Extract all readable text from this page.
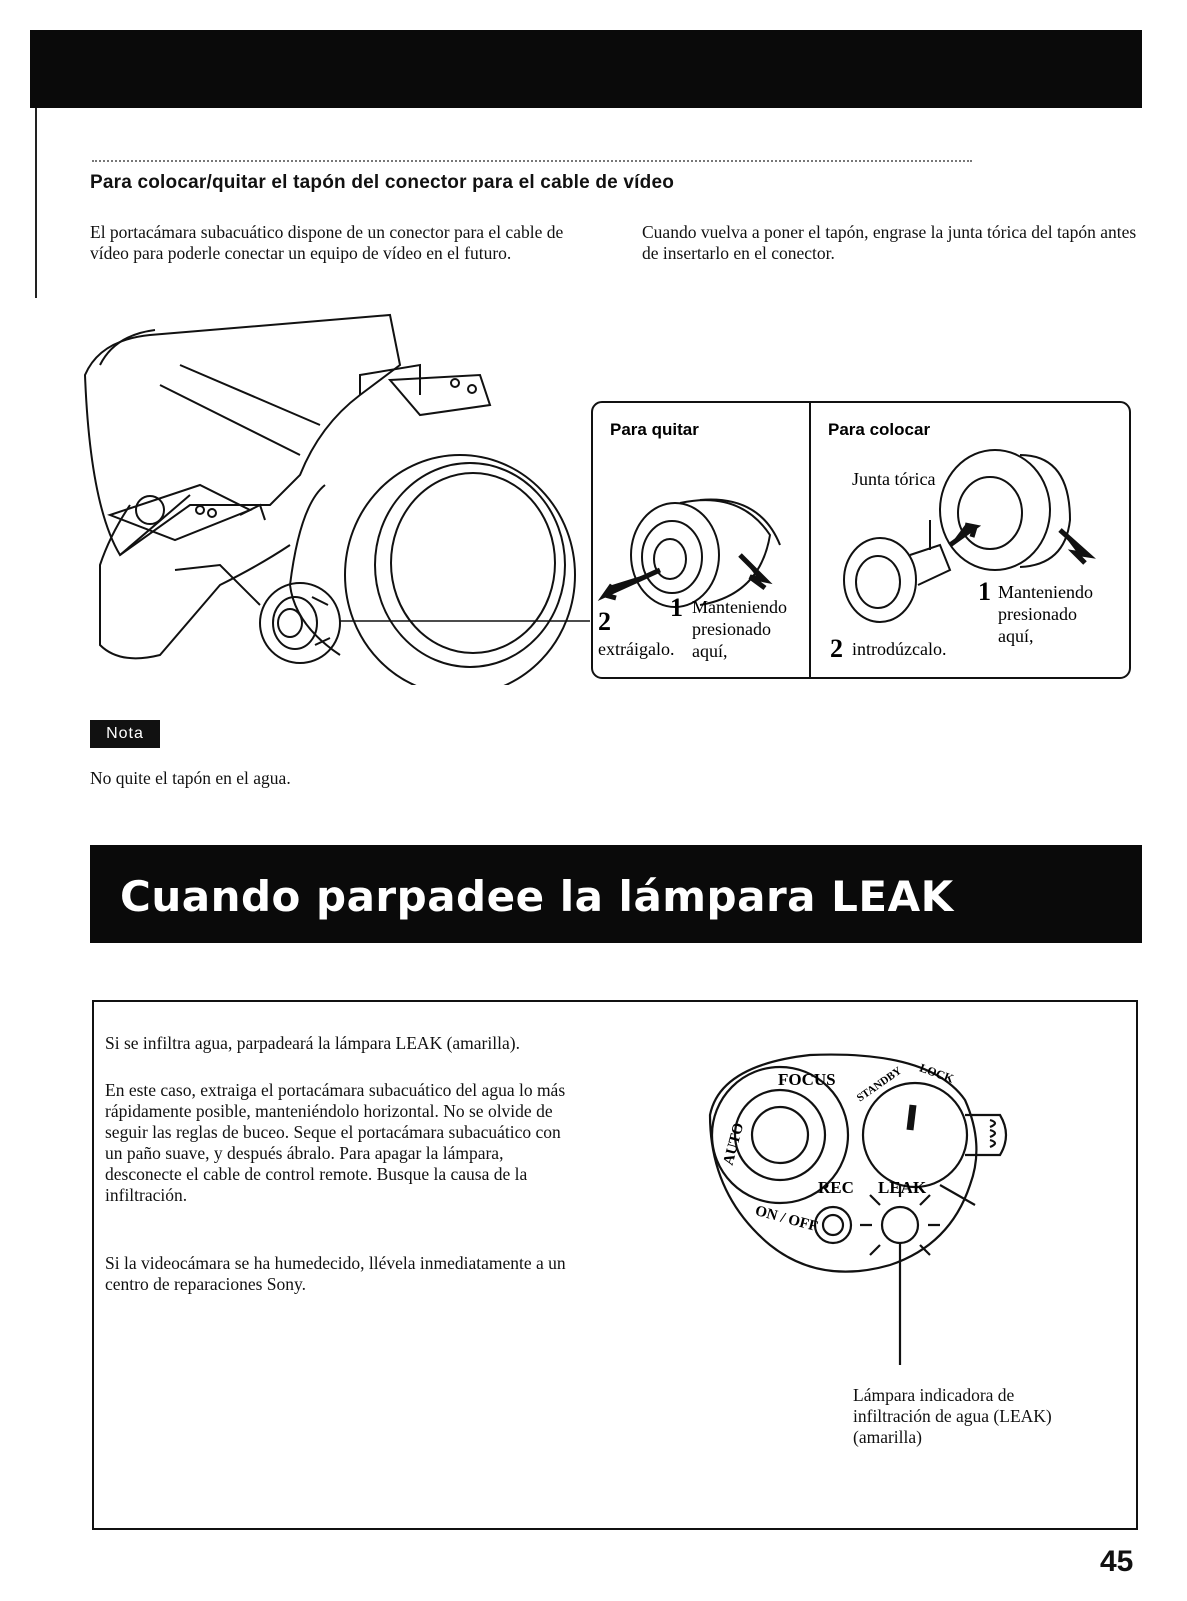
Para colocar/quitar el tapón del conector para el cable de vídeo
El portacámara subacuático dispone de un conector para el cable de vídeo para poderle conectar un equipo de vídeo en el futuro.
Cuando vuelva a poner el tapón, engrase la junta tórica del tapón antes de insertarlo en el conector.
Para quitar	Para colocar
1 Manteniendo
presionado
aquí,
2
extráigalo.
Junta tórica
1 Manteniendo
presionado
aquí,
2 introdúzcalo.
Nota
No quite el tapón en el agua.
Cuando parpadee la lámpara LEAK
Si se infiltra agua, parpadeará la lámpara LEAK (amarilla).
En este caso, extraiga el portacámara subacuático del agua lo más rápidamente posible, manteniéndolo horizontal. No se olvide de seguir las reglas de buceo. Seque el portacámara subacuático con un paño suave, y después ábralo. Para apagar la lámpara, desconecte el cable de control remote. Busque la causa de la infiltración.
Si la videocámara se ha humedecido, llévela inmediatamente a un centro de reparaciones Sony.
FOCUS
AUTO
ON / OFF
STANDBY LOCK
REC LEAK
Lámpara indicadora de infiltración de agua (LEAK) (amarilla)
45
